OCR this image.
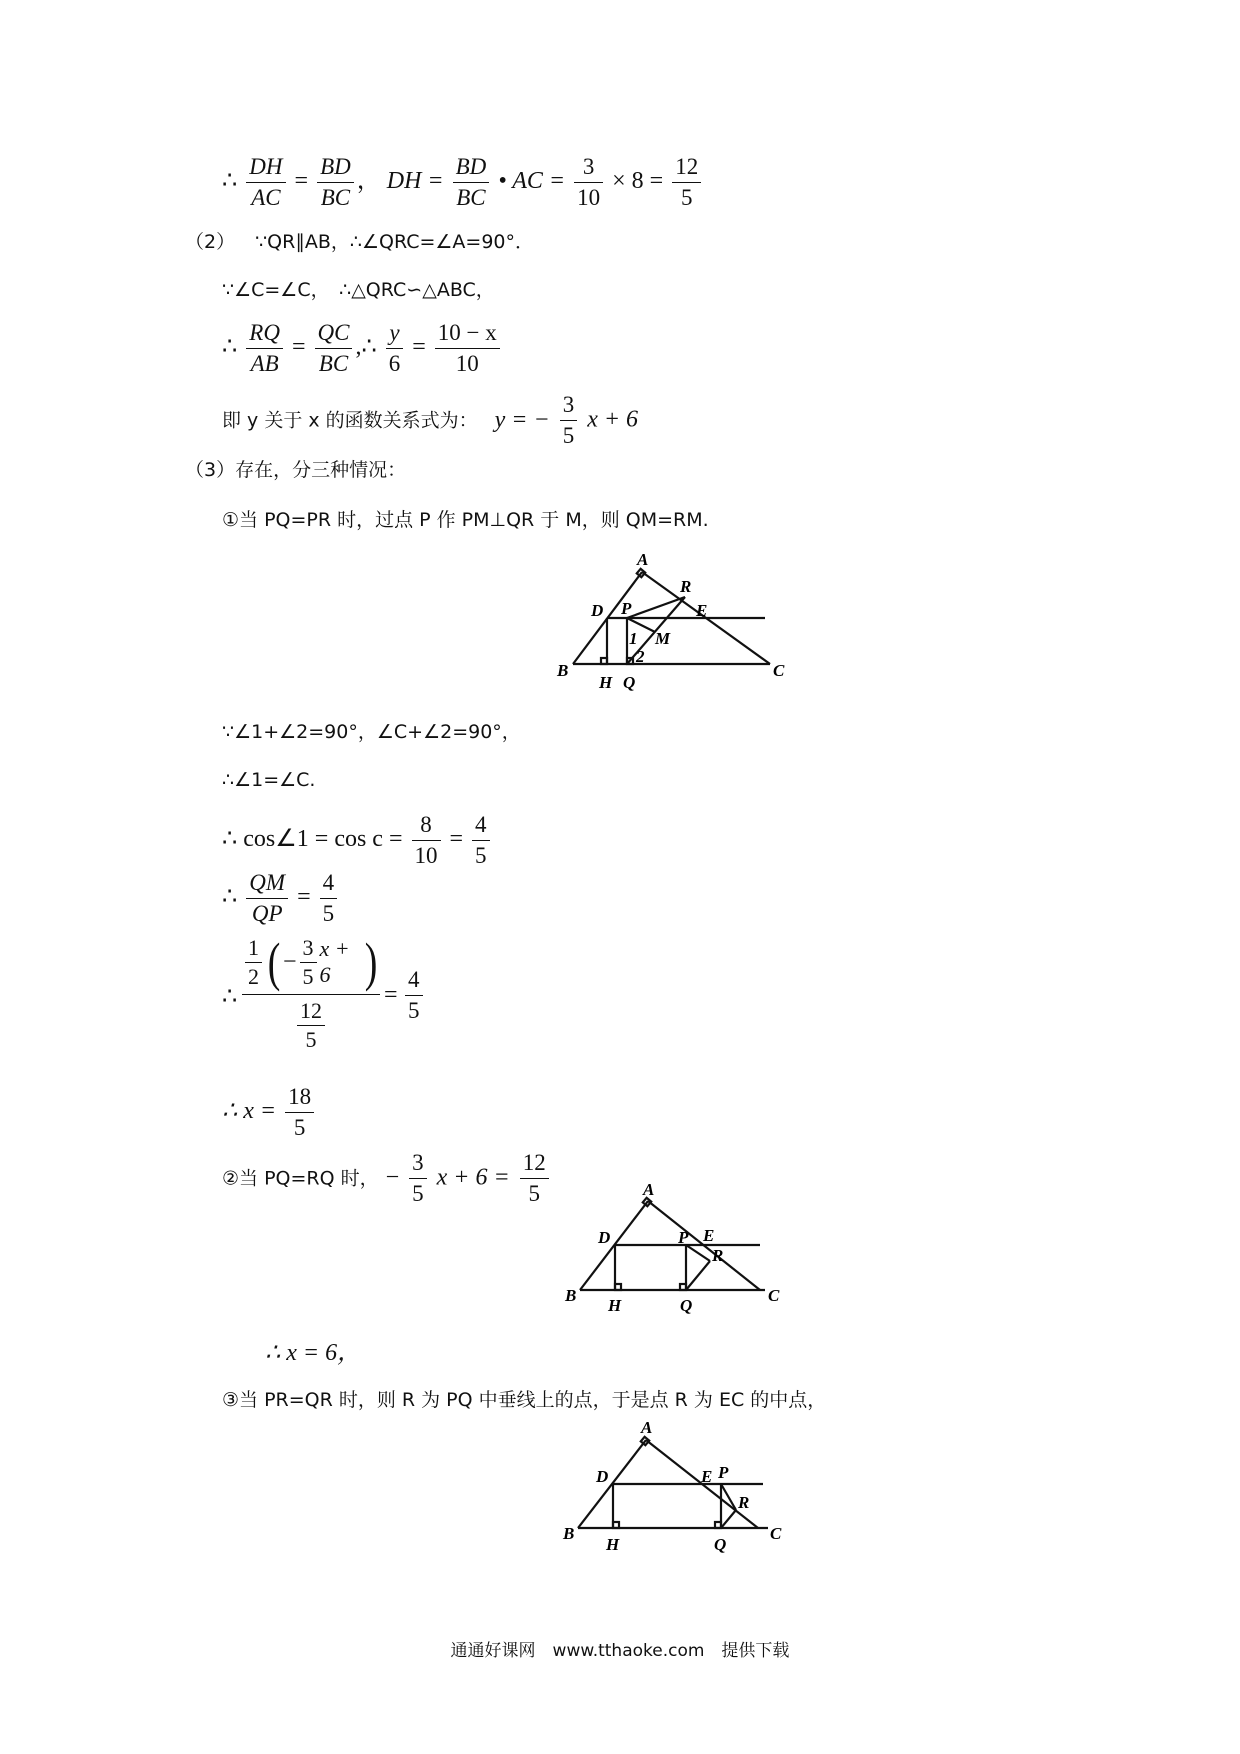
∴ $\frac{DH}{AC} = \frac{BD}{BC}$ ， DH = $\frac{BD}{BC}$ • AC = $\frac{3}{10} \times 8 = \frac{12}{5}$
（2） ∵QR∥AB，∴∠QRC=∠A=90°．
∵∠C=∠C，　∴△QRC∽△ABC，
∴ $\frac{RQ}{AB} = \frac{QC}{BC}$ ,∴ $\frac{y}{6} = \frac{10 - x}{10}$
即 y 关于 x 的函数关系式为： y = − $\frac{3}{5}$ x + 6
（3）存在，分三种情况：
①当 PQ=PR 时，过点 P 作 PM⊥QR 于 M，则 QM=RM.
A
B	C
D	E
H Q
P
R
M
1
2
∵∠1+∠2=90°，∠C+∠2=90°，
∴∠1=∠C.
∴ cos∠1 = $\cos c = \frac{8}{10} = \frac{4}{5}$
∴ $\frac{QM}{QP} = \frac{4}{5}$
∴
$\frac{1}{2}$ ( − $\frac{3}{5}$ x + 6 )
$\frac{12}{5}$
= $\frac{4}{5}$
∴ $x = \frac{18}{5}$
②当 PQ=RQ 时， − $\frac{3}{5}$ $x + 6 = \frac{12}{5}$	A
B	C
D	E
H	Q
P
R
∴ x = 6，
③当 PR=QR 时，则 R 为 PQ 中垂线上的点，于是点 R 为 EC 的中点，
A
B	C
D	E
H	Q
P
R
通通好课网　www.tthaoke.com　提供下载
